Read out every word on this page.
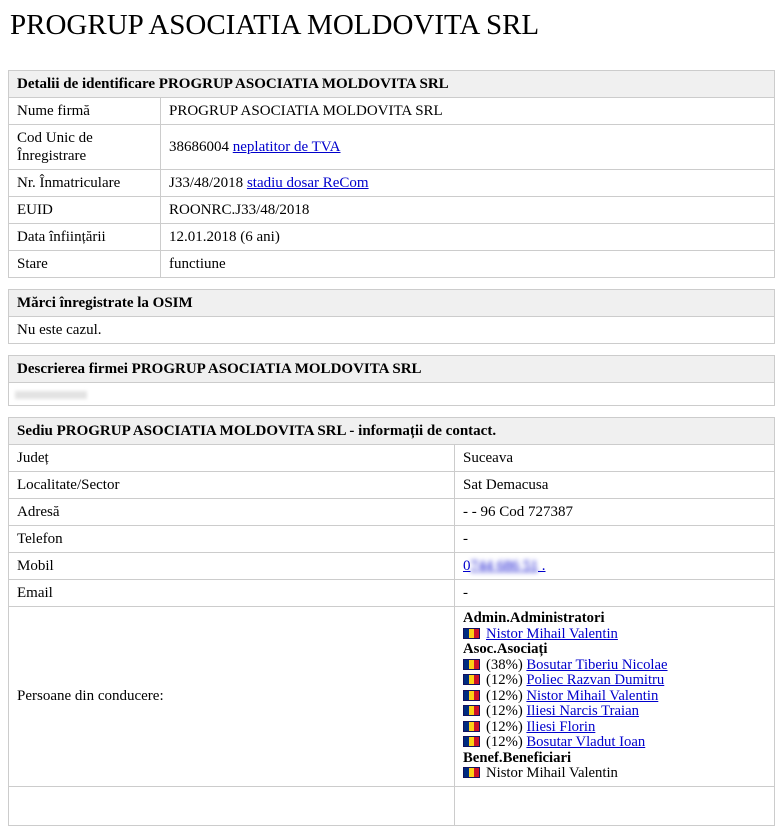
PROGRUP ASOCIATIA MOLDOVITA SRL
Detalii de identificare PROGRUP ASOCIATIA MOLDOVITA SRL	
Nume firmă	PROGRUP ASOCIATIA MOLDOVITA SRL
Cod Unic de Înregistrare	38686004 neplatitor de TVA
Nr. Înmatriculare	J33/48/2018 stadiu dosar ReCom
EUID	ROONRC.J33/48/2018
Data înființării	12.01.2018 (6 ani)
Stare	functiune
Mărci înregistrate la OSIM
Nu este cazul.
Descrierea firmei PROGRUP ASOCIATIA MOLDOVITA SRL

Sediu PROGRUP ASOCIATIA MOLDOVITA SRL - informații de contact.	
Județ	Suceava
Localitate/Sector	Sat Demacusa
Adresă	- - 96 Cod 727387
Telefon	-
Mobil	0744 686 51 .
Email	-
Persoane din conducere:	
Admin.Administratori
Nistor Mihail Valentin
Asoc.Asociați
(38%) Bosutar Tiberiu Nicolae
(12%) Poliec Razvan Dumitru
(12%) Nistor Mihail Valentin
(12%) Iliesi Narcis Traian
(12%) Iliesi Florin
(12%) Bosutar Vladut Ioan
Benef.Beneficiari
Nistor Mihail Valentin
